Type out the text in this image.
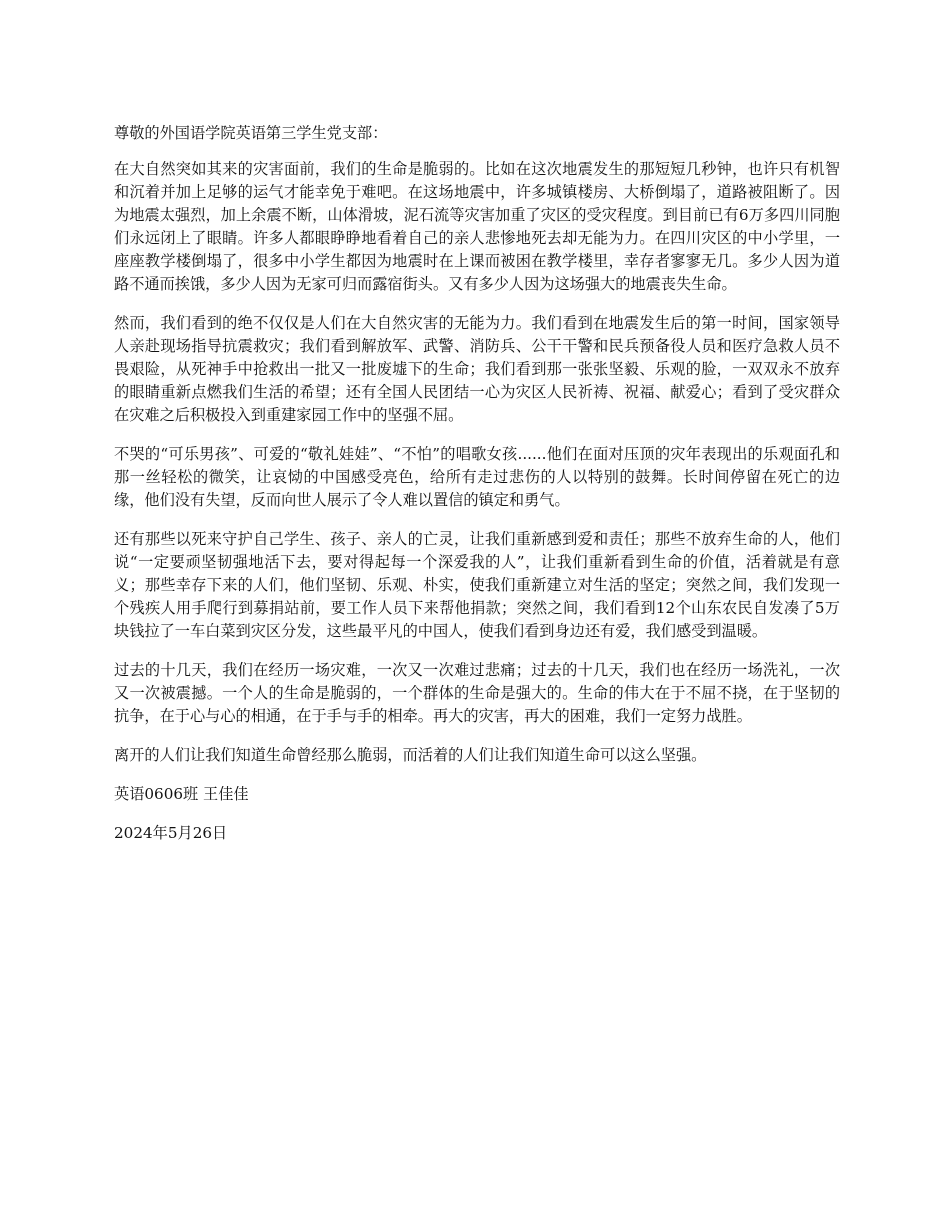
尊敬的外国语学院英语第三学生党支部：

在大自然突如其来的灾害面前，我们的生命是脆弱的。比如在这次地震发生的那短短几秒钟，也许只有机智和沉着并加上足够的运气才能幸免于难吧。在这场地震中，许多城镇楼房、大桥倒塌了，道路被阻断了。因为地震太强烈，加上余震不断，山体滑坡，泥石流等灾害加重了灾区的受灾程度。到目前已有6万多四川同胞们永远闭上了眼睛。许多人都眼睁睁地看着自己的亲人悲惨地死去却无能为力。在四川灾区的中小学里，一座座教学楼倒塌了，很多中小学生都因为地震时在上课而被困在教学楼里，幸存者寥寥无几。多少人因为道路不通而挨饿，多少人因为无家可归而露宿街头。又有多少人因为这场强大的地震丧失生命。

然而，我们看到的绝不仅仅是人们在大自然灾害的无能为力。我们看到在地震发生后的第一时间，国家领导人亲赴现场指导抗震救灾；我们看到解放军、武警、消防兵、公干干警和民兵预备役人员和医疗急救人员不畏艰险，从死神手中抢救出一批又一批废墟下的生命；我们看到那一张张坚毅、乐观的脸，一双双永不放弃的眼睛重新点燃我们生活的希望；还有全国人民团结一心为灾区人民祈祷、祝福、献爱心；看到了受灾群众在灾难之后积极投入到重建家园工作中的坚强不屈。

不哭的“可乐男孩”、可爱的“敬礼娃娃”、“不怕”的唱歌女孩......他们在面对压顶的灾年表现出的乐观面孔和那一丝轻松的微笑，让哀恸的中国感受亮色，给所有走过悲伤的人以特别的鼓舞。长时间停留在死亡的边缘，他们没有失望，反而向世人展示了令人难以置信的镇定和勇气。

还有那些以死来守护自己学生、孩子、亲人的亡灵，让我们重新感到爱和责任；那些不放弃生命的人，他们说“一定要顽坚韧强地活下去，要对得起每一个深爱我的人”，让我们重新看到生命的价值，活着就是有意义；那些幸存下来的人们，他们坚韧、乐观、朴实，使我们重新建立对生活的坚定；突然之间，我们发现一个残疾人用手爬行到募捐站前，要工作人员下来帮他捐款；突然之间，我们看到12个山东农民自发凑了5万块钱拉了一车白菜到灾区分发，这些最平凡的中国人，使我们看到身边还有爱，我们感受到温暖。

过去的十几天，我们在经历一场灾难，一次又一次难过悲痛；过去的十几天，我们也在经历一场洗礼，一次又一次被震撼。一个人的生命是脆弱的，一个群体的生命是强大的。生命的伟大在于不屈不挠，在于坚韧的抗争，在于心与心的相通，在于手与手的相牵。再大的灾害，再大的困难，我们一定努力战胜。

离开的人们让我们知道生命曾经那么脆弱，而活着的人们让我们知道生命可以这么坚强。

英语0606班 王佳佳

2024年5月26日
